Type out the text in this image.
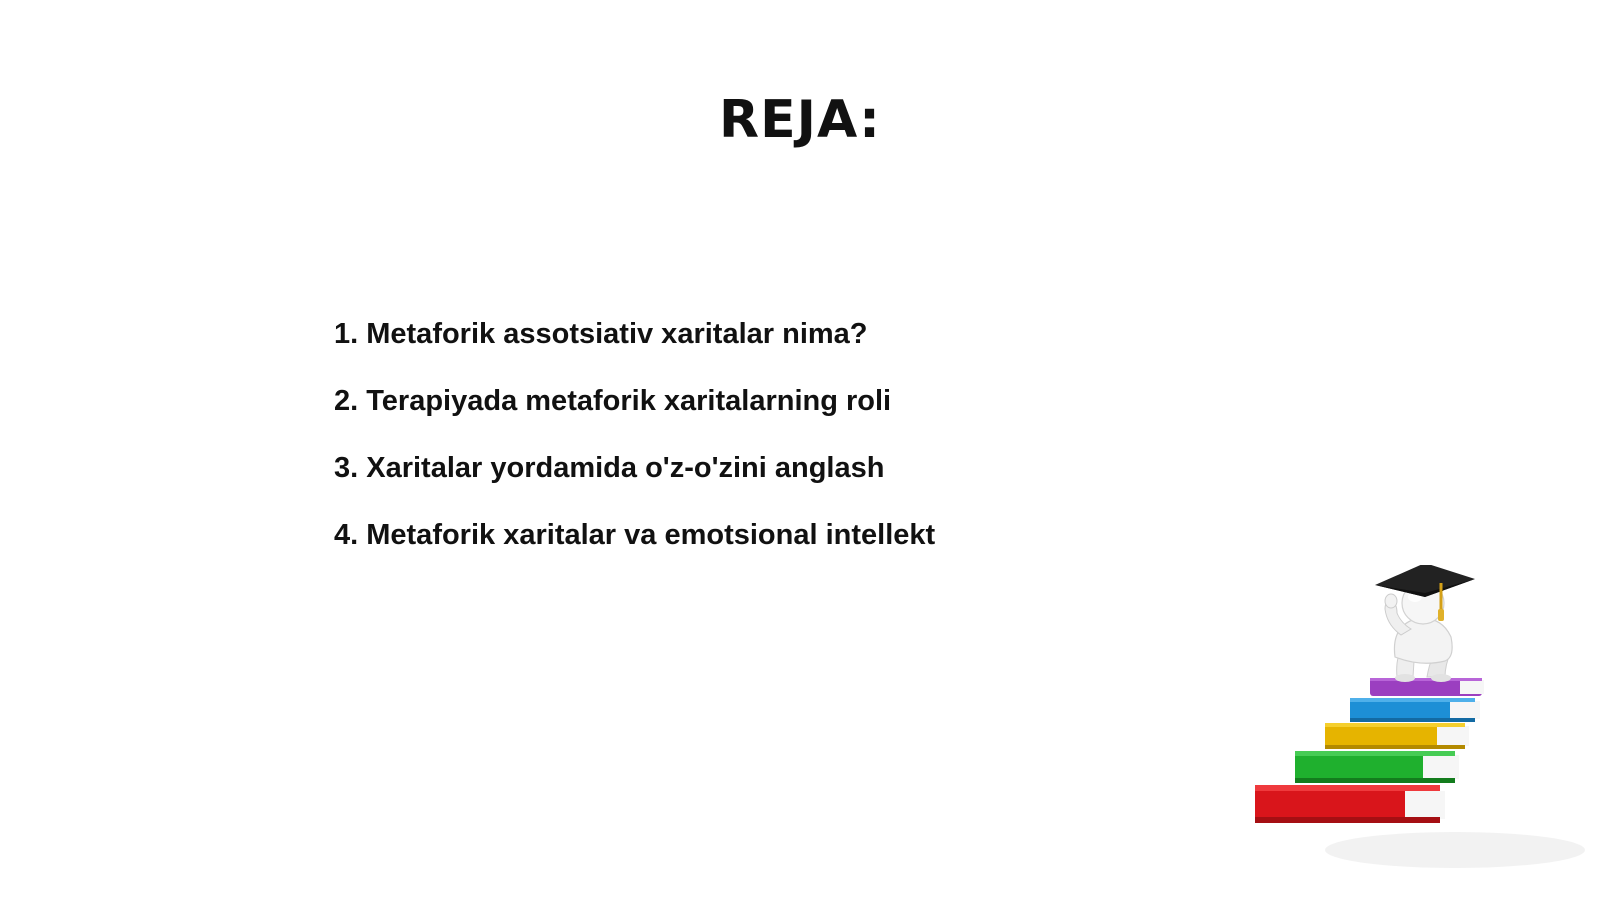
REJA:
1. Metaforik assotsiativ xaritalar nima?
2. Terapiyada metaforik xaritalarning roli
3. Xaritalar yordamida o'z-o'zini anglash
4. Metaforik xaritalar va emotsional intellekt
